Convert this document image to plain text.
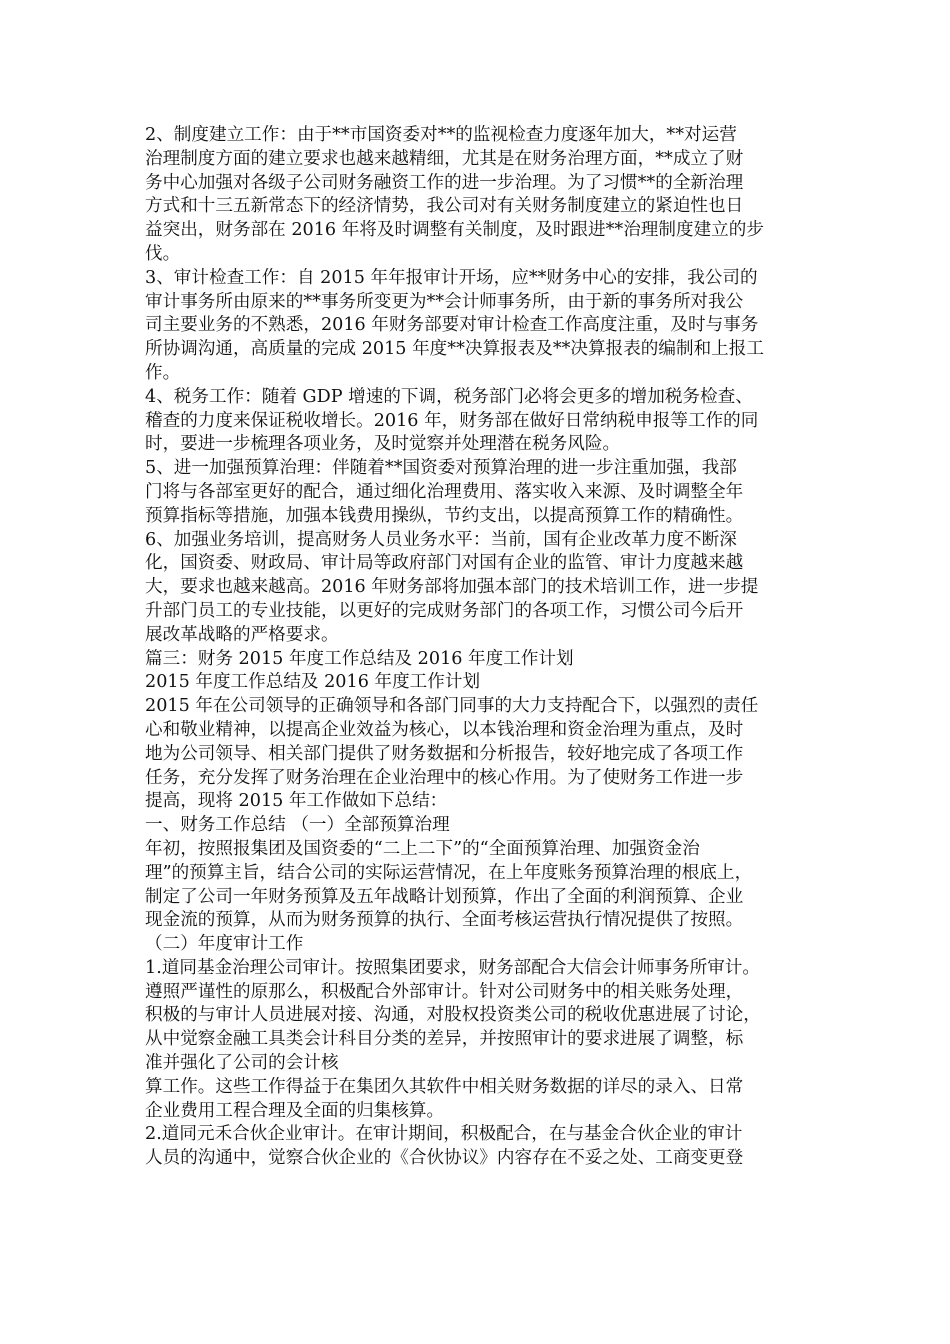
2、制度建立工作：由于**市国资委对**的监视检查力度逐年加大，**对运营
治理制度方面的建立要求也越来越精细，尤其是在财务治理方面，**成立了财
务中心加强对各级子公司财务融资工作的进一步治理。为了习惯**的全新治理
方式和十三五新常态下的经济情势，我公司对有关财务制度建立的紧迫性也日
益突出，财务部在 2016 年将及时调整有关制度，及时跟进**治理制度建立的步
伐。
3、审计检查工作：自 2015 年年报审计开场，应**财务中心的安排，我公司的
审计事务所由原来的**事务所变更为**会计师事务所，由于新的事务所对我公
司主要业务的不熟悉，2016 年财务部要对审计检查工作高度注重，及时与事务
所协调沟通，高质量的完成 2015 年度**决算报表及**决算报表的编制和上报工
作。
4、税务工作：随着 GDP 增速的下调，税务部门必将会更多的增加税务检查、
稽查的力度来保证税收增长。2016 年，财务部在做好日常纳税申报等工作的同
时，要进一步梳理各项业务，及时觉察并处理潜在税务风险。
5、进一加强预算治理：伴随着**国资委对预算治理的进一步注重加强，我部
门将与各部室更好的配合，通过细化治理费用、落实收入来源、及时调整全年
预算指标等措施，加强本钱费用操纵，节约支出，以提高预算工作的精确性。
6、加强业务培训，提高财务人员业务水平：当前，国有企业改革力度不断深
化，国资委、财政局、审计局等政府部门对国有企业的监管、审计力度越来越
大，要求也越来越高。2016 年财务部将加强本部门的技术培训工作，进一步提
升部门员工的专业技能，以更好的完成财务部门的各项工作，习惯公司今后开
展改革战略的严格要求。
篇三：财务 2015 年度工作总结及 2016 年度工作计划
2015 年度工作总结及 2016 年度工作计划
2015 年在公司领导的正确领导和各部门同事的大力支持配合下，以强烈的责任
心和敬业精神，以提高企业效益为核心，以本钱治理和资金治理为重点，及时
地为公司领导、相关部门提供了财务数据和分析报告，较好地完成了各项工作
任务，充分发挥了财务治理在企业治理中的核心作用。为了使财务工作进一步
提高，现将 2015 年工作做如下总结：
一、财务工作总结 （一）全部预算治理
年初，按照报集团及国资委的“二上二下”的“全面预算治理、加强资金治
理”的预算主旨，结合公司的实际运营情况，在上年度账务预算治理的根底上，
制定了公司一年财务预算及五年战略计划预算，作出了全面的利润预算、企业
现金流的预算，从而为财务预算的执行、全面考核运营执行情况提供了按照。
（二）年度审计工作
1.道同基金治理公司审计。按照集团要求，财务部配合大信会计师事务所审计。
遵照严谨性的原那么，积极配合外部审计。针对公司财务中的相关账务处理，
积极的与审计人员进展对接、沟通，对股权投资类公司的税收优惠进展了讨论，
从中觉察金融工具类会计科目分类的差异，并按照审计的要求进展了调整，标
准并强化了公司的会计核
算工作。这些工作得益于在集团久其软件中相关财务数据的详尽的录入、日常
企业费用工程合理及全面的归集核算。
2.道同元禾合伙企业审计。在审计期间，积极配合，在与基金合伙企业的审计
人员的沟通中，觉察合伙企业的《合伙协议》内容存在不妥之处、工商变更登
